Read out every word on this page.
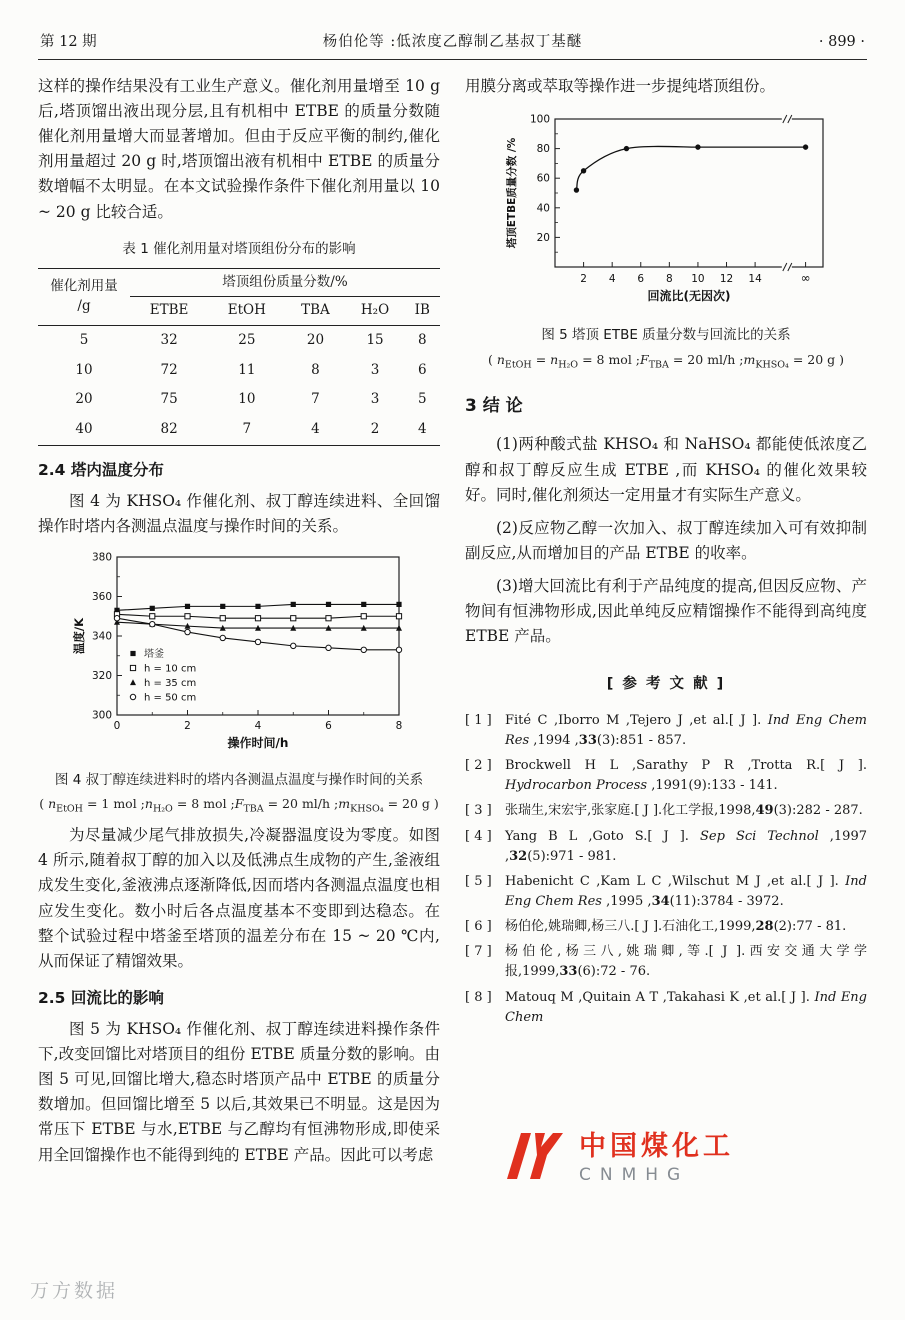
第 12 期	杨伯伦等 :低浓度乙醇制乙基叔丁基醚	· 899 ·

这样的操作结果没有工业生产意义。催化剂用量增至 10 g 后,塔顶馏出液出现分层,且有机相中 ETBE 的质量分数随催化剂用量增大而显著增加。但由于反应平衡的制约,催化剂用量超过 20 g 时,塔顶馏出液有机相中 ETBE 的质量分数增幅不太明显。在本文试验操作条件下催化剂用量以 10 ~ 20 g 比较合适。

表 1 催化剂用量对塔顶组份分布的影响
催化剂用量
/g	塔顶组份质量分数/%				
	ETBE	EtOH	TBA	H₂O	IB
5	32	25	20	15	8
10	72	11	8	3	6
20	75	10	7	3	5
40	82	7	4	2	4
2.4 塔内温度分布

图 4 为 KHSO₄ 作催化剂、叔丁醇连续进料、全回馏操作时塔内各测温点温度与操作时间的关系。

300
320
340
360
380
0	2	4	6	8
操作时间/h
温度/K
塔釜
h = 10 cm
h = 35 cm
h = 50 cm
图 4 叔丁醇连续进料时的塔内各测温点温度与操作时间的关系
( $n_{EtOH} = 1$ mol $;n_{H_2O} = 8$ mol $;F_{TBA} = 20$ ml/h $;m_{KHSO_4} = 20$ g )

为尽量减少尾气排放损失,冷凝器温度设为零度。如图 4 所示,随着叔丁醇的加入以及低沸点生成物的产生,釜液组成发生变化,釜液沸点逐渐降低,因而塔内各测温点温度也相应发生变化。数小时后各点温度基本不变即到达稳态。在整个试验过程中塔釜至塔顶的温差分布在 15 ~ 20 ℃内,从而保证了精馏效果。

2.5 回流比的影响

图 5 为 KHSO₄ 作催化剂、叔丁醇连续进料操作条件下,改变回馏比对塔顶目的组份 ETBE 质量分数的影响。由图 5 可见,回馏比增大,稳态时塔顶产品中 ETBE 的质量分数增加。但回馏比增至 5 以后,其效果已不明显。这是因为常压下 ETBE 与水,ETBE 与乙醇均有恒沸物形成,即使采用全回馏操作也不能得到纯的 ETBE 产品。因此可以考虑

用膜分离或萃取等操作进一步提纯塔顶组份。

20
40
60
80
100
2 4 6 8 10 12 14	∞
回流比(无因次)
塔顶ETBE质量分数 /%
图 5 塔顶 ETBE 质量分数与回流比的关系
( $n_{EtOH} = n_{H_2O} = 8$ mol $;F_{TBA} = 20$ ml/h $;m_{KHSO_4} = 20$ g )
3 结 论

(1)两种酸式盐 KHSO₄ 和 NaHSO₄ 都能使低浓度乙醇和叔丁醇反应生成 ETBE ,而 KHSO₄ 的催化效果较好。同时,催化剂须达一定用量才有实际生产意义。

(2)反应物乙醇一次加入、叔丁醇连续加入可有效抑制副反应,从而增加目的产品 ETBE 的收率。

(3)增大回流比有利于产品纯度的提高,但因反应物、产物间有恒沸物形成,因此单纯反应精馏操作不能得到高纯度 ETBE 产品。

[ 参 考 文 献 ]
[ 1 ]	Fité C ,Iborro M ,Tejero J ,et al.[ J ]. Ind Eng Chem Res ,1994 ,33(3):851 - 857.
[ 2 ]	Brockwell H L ,Sarathy P R ,Trotta R.[ J ]. Hydrocarbon Process ,1991(9):133 - 141.
[ 3 ]	张瑞生,宋宏宇,张家庭.[ J ].化工学报,1998,49(3):282 - 287.
[ 4 ]	Yang B L ,Goto S.[ J ]. Sep Sci Technol ,1997 ,32(5):971 - 981.
[ 5 ]	Habenicht C ,Kam L C ,Wilschut M J ,et al.[ J ]. Ind Eng Chem Res ,1995 ,34(11):3784 - 3972.
[ 6 ]	杨伯伦,姚瑞卿,杨三八.[ J ].石油化工,1999,28(2):77 - 81.
[ 7 ]	杨伯伦,杨三八,姚瑞卿,等.[ J ].西安交通大学学报,1999,33(6):72 - 76.
[ 8 ]	Matouq M ,Quitain A T ,Takahasi K ,et al.[ J ]. Ind Eng Chem
中国煤化工
CNMHG
万方数据
